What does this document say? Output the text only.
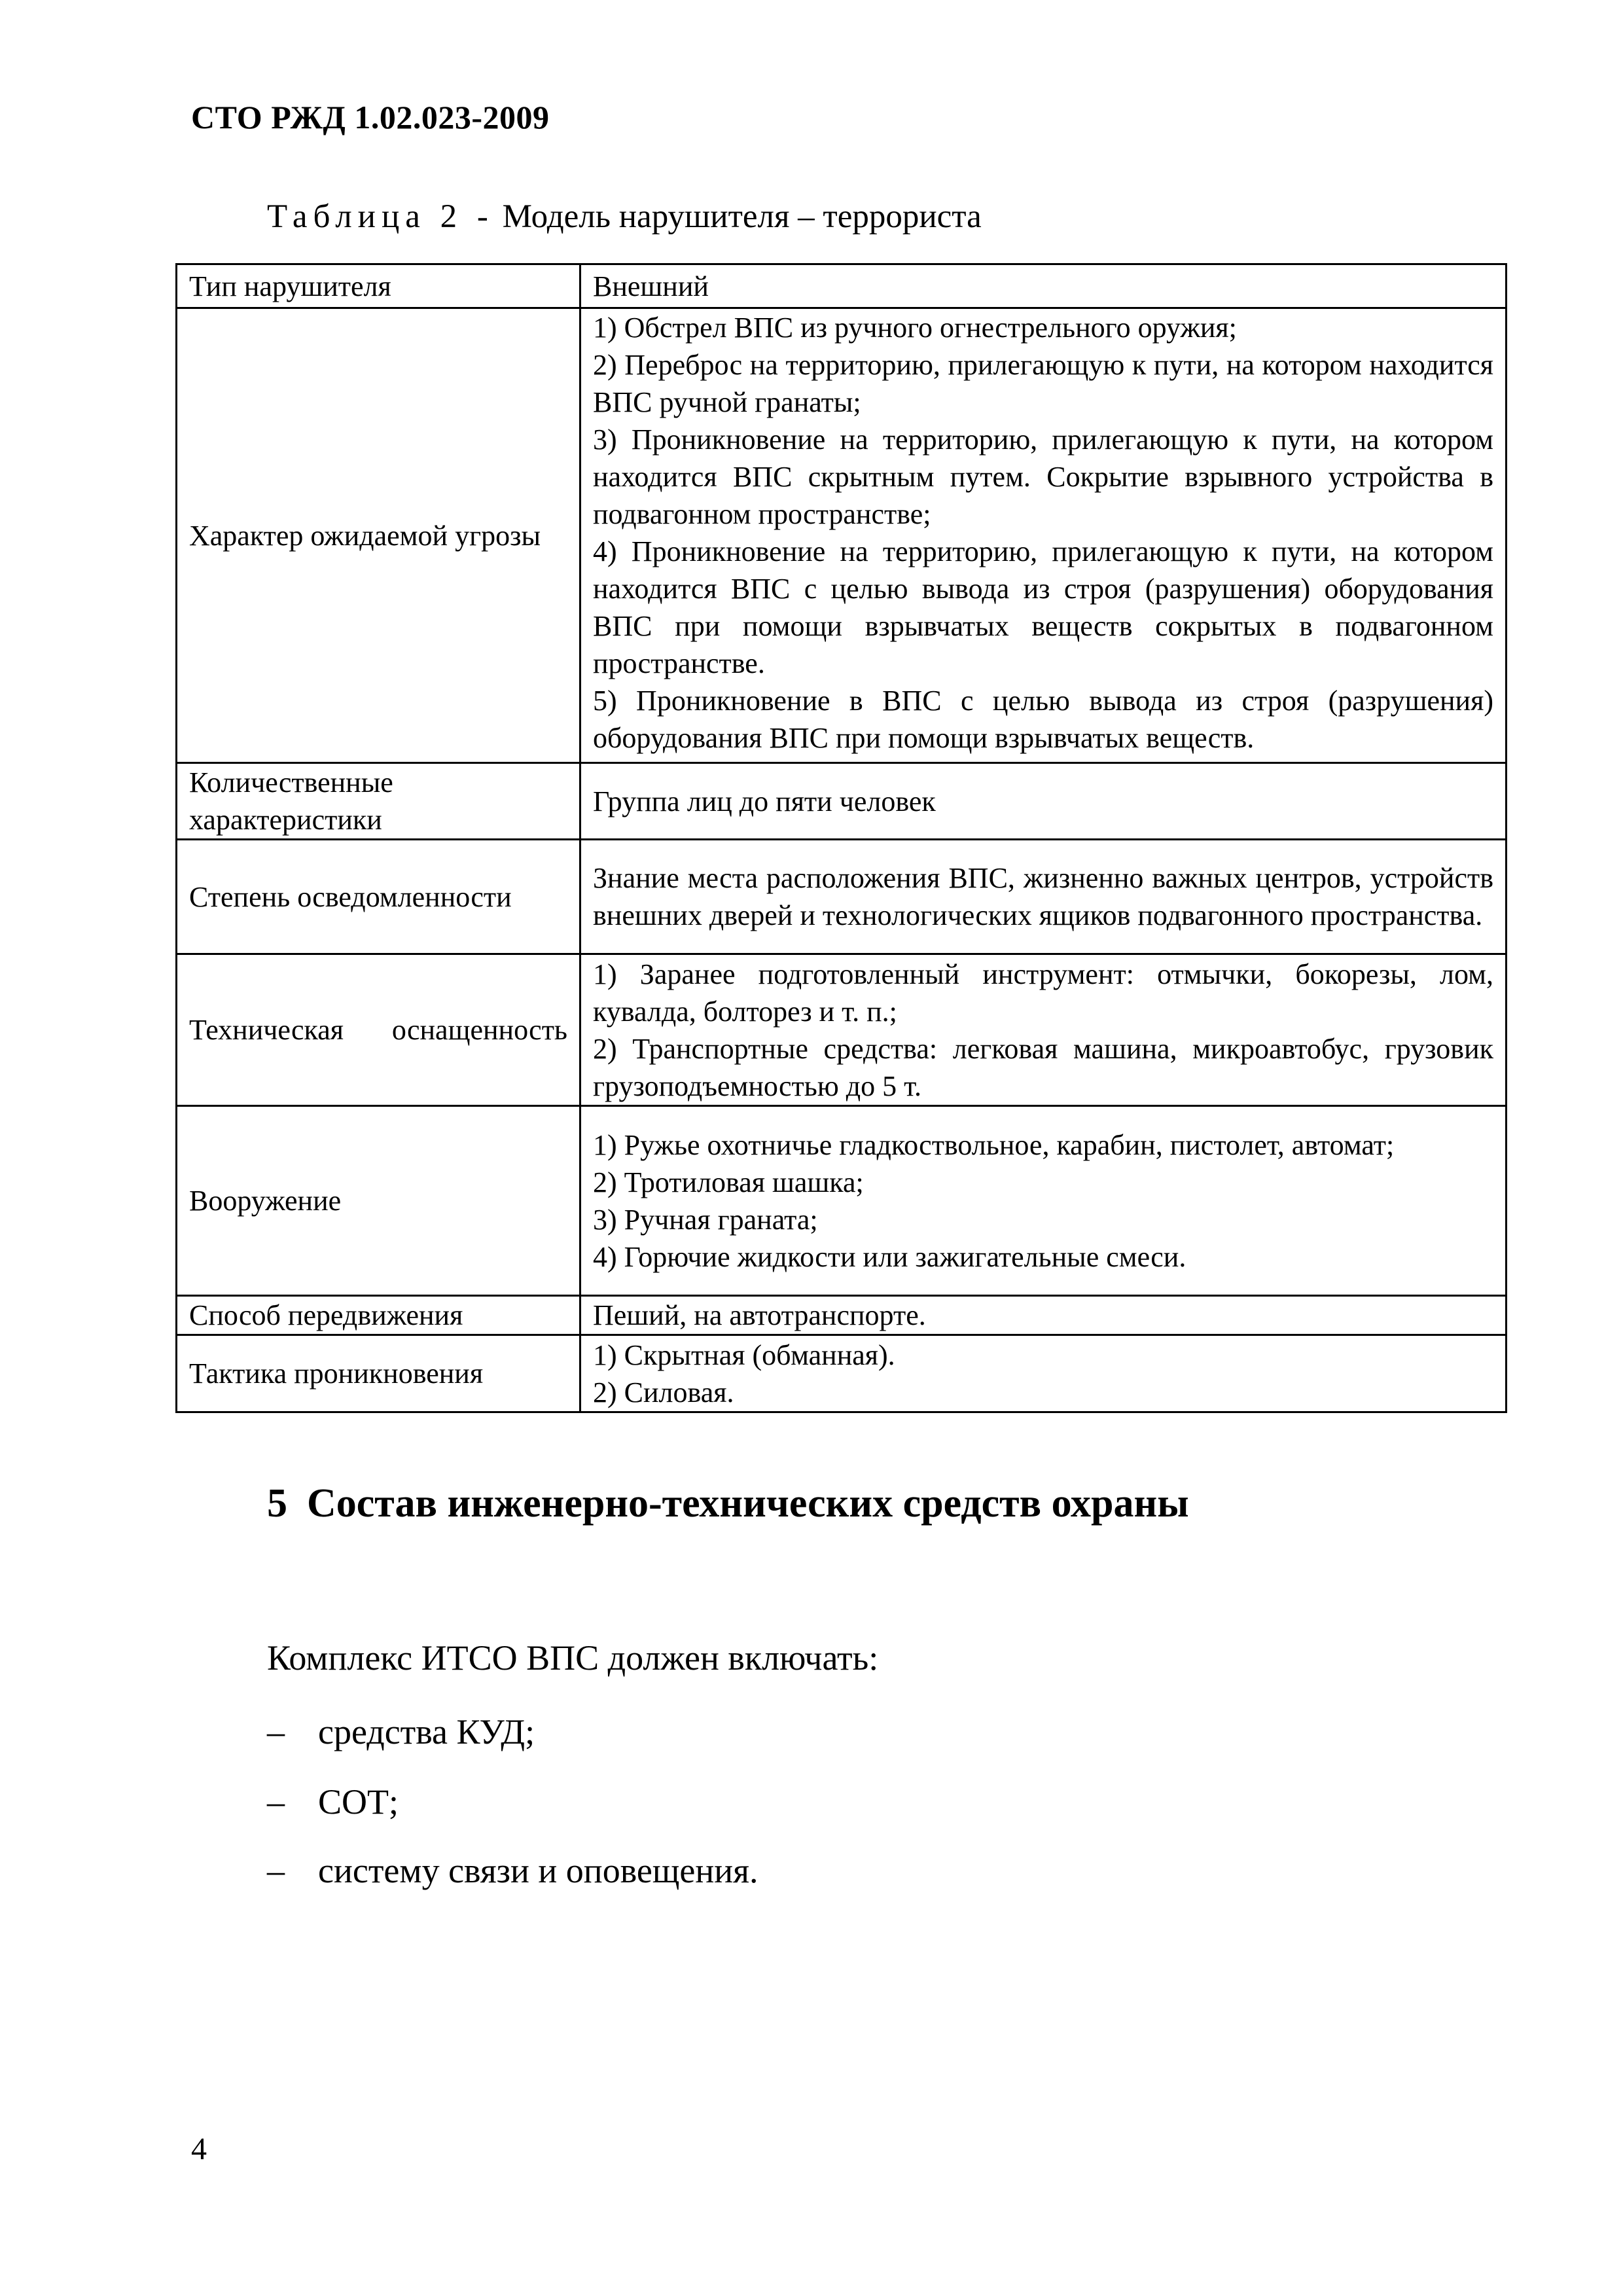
СТО РЖД 1.02.023-2009
Таблица 2 - Модель нарушителя – террориста
Тип нарушителя	Внешний

Характер ожидаемой угрозы	1) Обстрел ВПС из ручного огнестрельного оружия;
2) Переброс на территорию, прилегающую к пути, на котором находится ВПС ручной гранаты;
3) Проникновение на территорию, прилегающую к пути, на котором находится ВПС скрытным путем. Сокрытие взрывного устройства в подвагонном пространстве;
4) Проникновение на территорию, прилегающую к пути, на котором находится ВПС с целью вывода из строя (разрушения) оборудования ВПС при помощи взрывчатых веществ сокрытых в подвагонном пространстве.
5) Проникновение в ВПС с целью вывода из строя (разрушения) оборудования ВПС при помощи взрывчатых веществ.

Количественные характеристики	Группа лиц до пяти человек

Степень осведомленности	Знание места расположения ВПС, жизненно важных центров, устройств внешних дверей и технологических ящиков подвагонного пространства.

Техническая оснащенность	1) Заранее подготовленный инструмент: отмычки, бокорезы, лом, кувалда, болторез и т. п.;
2) Транспортные средства: легковая машина, микроавтобус, грузовик грузоподъемностью до 5 т.

Вооружение	1) Ружье охотничье гладкоствольное, карабин, пистолет, автомат;
2) Тротиловая шашка;
3) Ручная граната;
4) Горючие жидкости или зажигательные смеси.

Способ передвижения	Пеший, на автотранспорте.

Тактика проникновения	1) Скрытная (обманная).
2) Силовая.
5 Состав инженерно-технических средств охраны
Комплекс ИТСО ВПС должен включать:
– средства КУД;
– СОТ;
– систему связи и оповещения.
4
